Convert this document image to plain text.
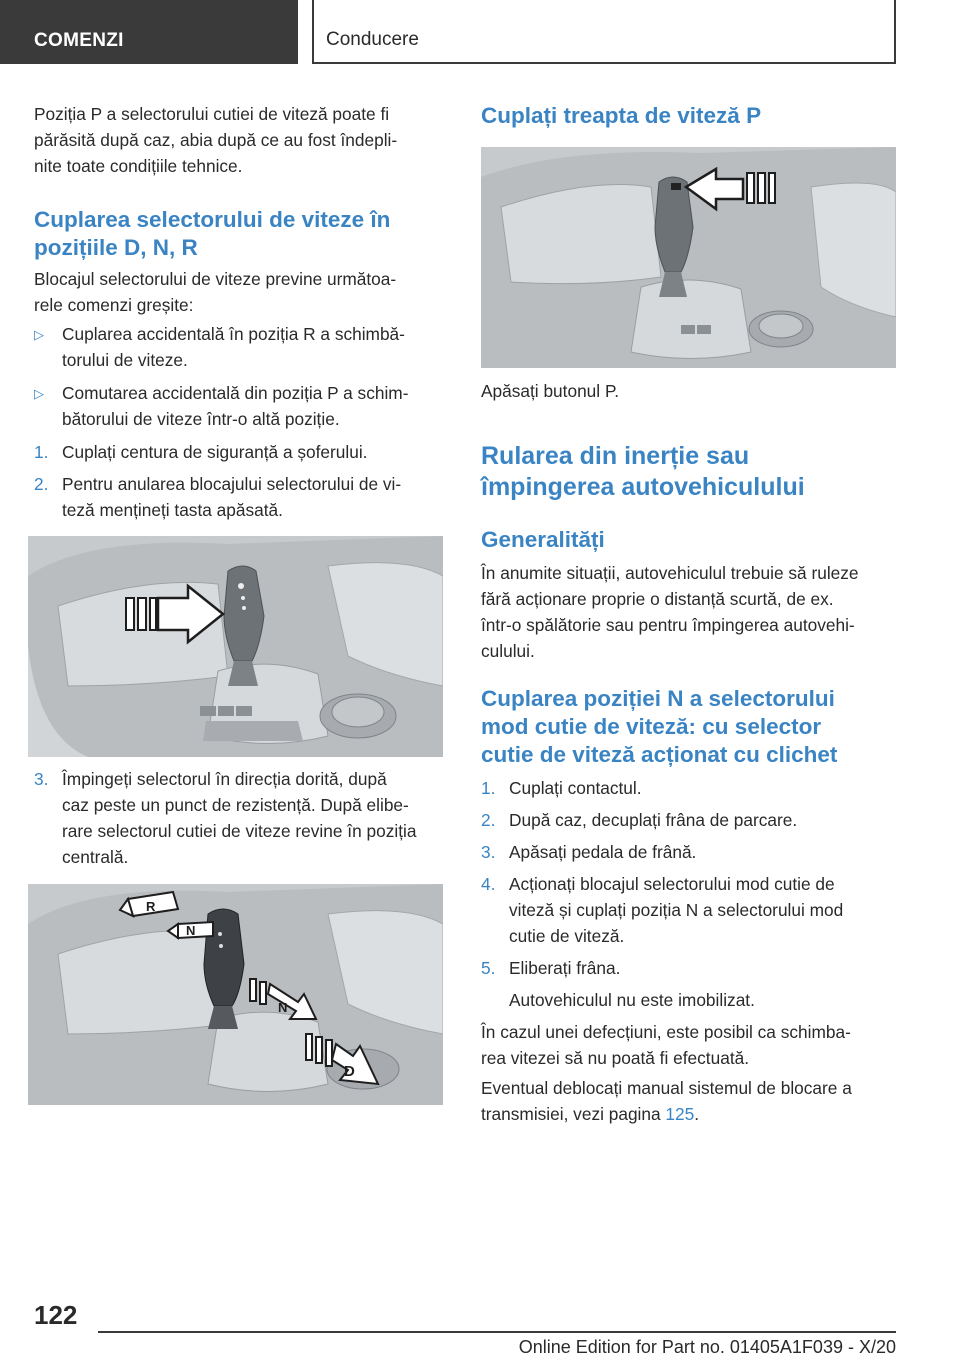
COMENZI	Conducere

Poziția P a selectorului cutiei de viteză poate fi
părăsită după caz, abia după ce au fost îndepli-
nite toate condițiile tehnice.

Cuplarea selectorului de viteze în
pozițiile D, N, R

Blocajul selectorului de viteze previne următoa-
rele comenzi greșite:

▷ Cuplarea accidentală în poziția R a schimbă-
torului de viteze.
▷ Comutarea accidentală din poziția P a schim-
bătorului de viteze într-o altă poziție.
1. Cuplați centura de siguranță a șoferului.
2. Pentru anularea blocajului selectorului de vi-
teză mențineți tasta apăsată.
3. Împingeți selectorul în direcția dorită, după
caz peste un punct de rezistență. După elibe-
rare selectorul cutiei de viteze revine în poziția
centrală.
R
N
N
D
Cuplați treapta de viteză P

Apăsați butonul P.

Rularea din inerție sau
împingerea autovehiculului
Generalități

În anumite situații, autovehiculul trebuie să ruleze
fără acționare proprie o distanță scurtă, de ex.
într-o spălătorie sau pentru împingerea autovehi-
culului.

Cuplarea poziției N a selectorului
mod cutie de viteză: cu selector
cutie de viteză acționat cu clichet
1. Cuplați contactul.
2. După caz, decuplați frâna de parcare.
3. Apăsați pedala de frână.
4. Acționați blocajul selectorului mod cutie de
viteză și cuplați poziția N a selectorului mod
cutie de viteză.
5. Eliberați frâna.

Autovehiculul nu este imobilizat.

În cazul unei defecțiuni, este posibil ca schimba-
rea vitezei să nu poată fi efectuată.

Eventual deblocați manual sistemul de blocare a
transmisiei, vezi pagina 125.

122
Online Edition for Part no. 01405A1F039 - X/20
